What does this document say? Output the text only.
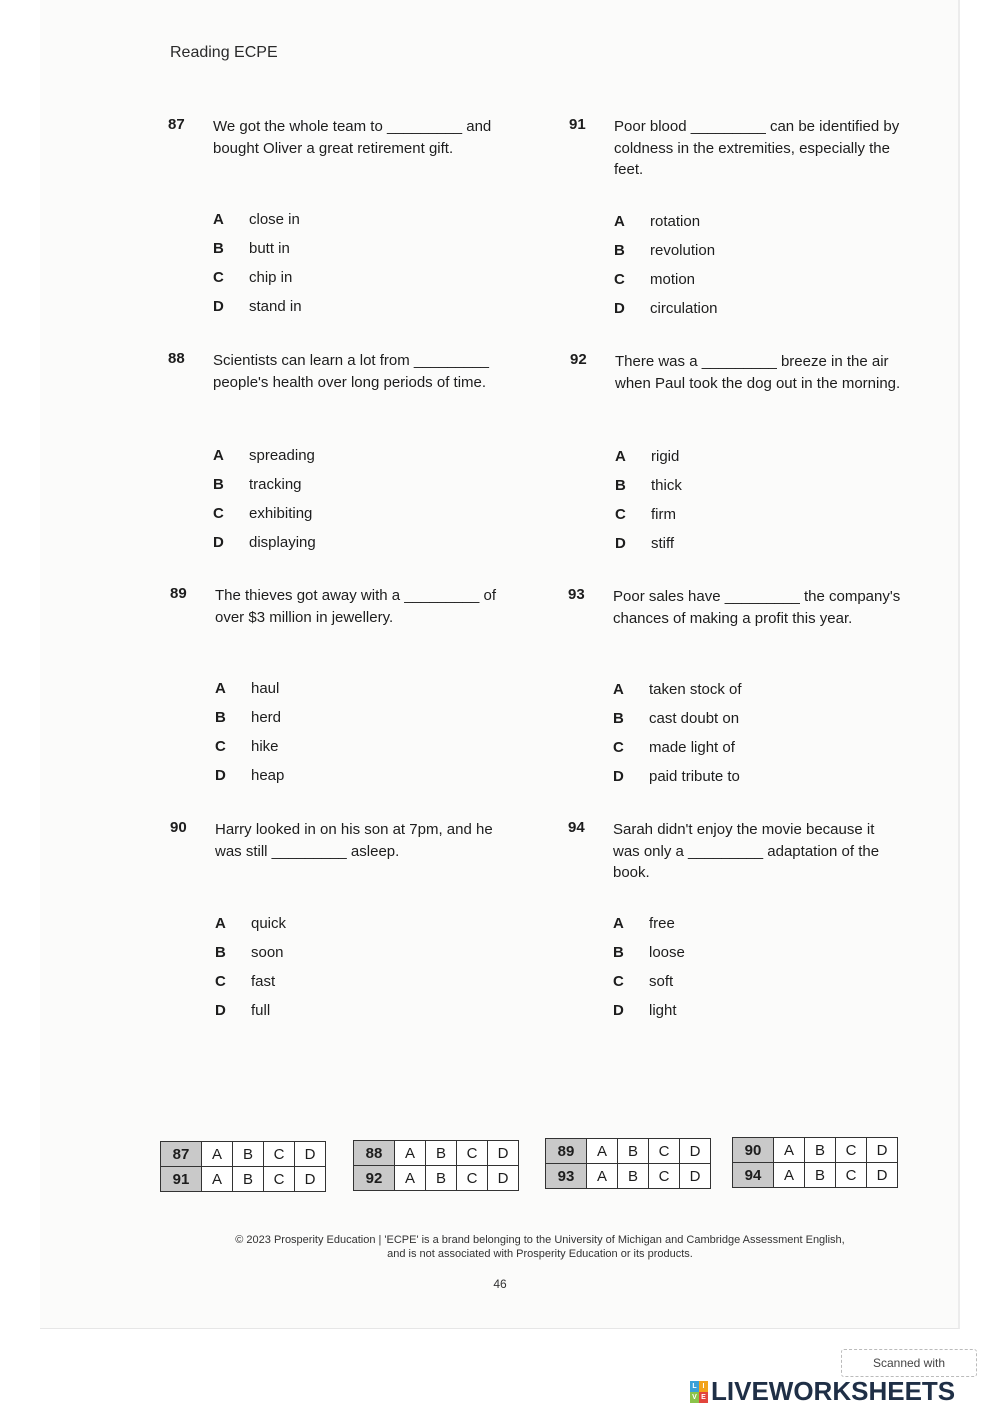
Reading ECPE
87 We got the whole team to _________ and bought Oliver a great retirement gift.
A	close in
B	butt in
C	chip in
D	stand in
88 Scientists can learn a lot from _________ people's health over long periods of time.
A	spreading
B	tracking
C	exhibiting
D	displaying
89 The thieves got away with a _________ of over $3 million in jewellery.
A	haul
B	herd
C	hike
D	heap
90 Harry looked in on his son at 7pm, and he was still _________ asleep.
A	quick
B	soon
C	fast
D	full
91 Poor blood _________ can be identified by coldness in the extremities, especially the feet.
A	rotation
B	revolution
C	motion
D	circulation
92 There was a _________ breeze in the air when Paul took the dog out in the morning.
A	rigid
B	thick
C	firm
D	stiff
93 Poor sales have _________ the company's chances of making a profit this year.
A	taken stock of
B	cast doubt on
C	made light of
D	paid tribute to
94 Sarah didn't enjoy the movie because it was only a _________ adaptation of the book.
A	free
B	loose
C	soft
D	light
87	A	B	C	D
91	A	B	C	D
88	A	B	C	D
92	A	B	C	D
89	A	B	C	D
93	A	B	C	D
90	A	B	C	D
94	A	B	C	D
© 2023 Prosperity Education | 'ECPE' is a brand belonging to the University of Michigan and Cambridge Assessment English,
and is not associated with Prosperity Education or its products.
46
Scanned with
L I
V E LIVEWORKSHEETS
